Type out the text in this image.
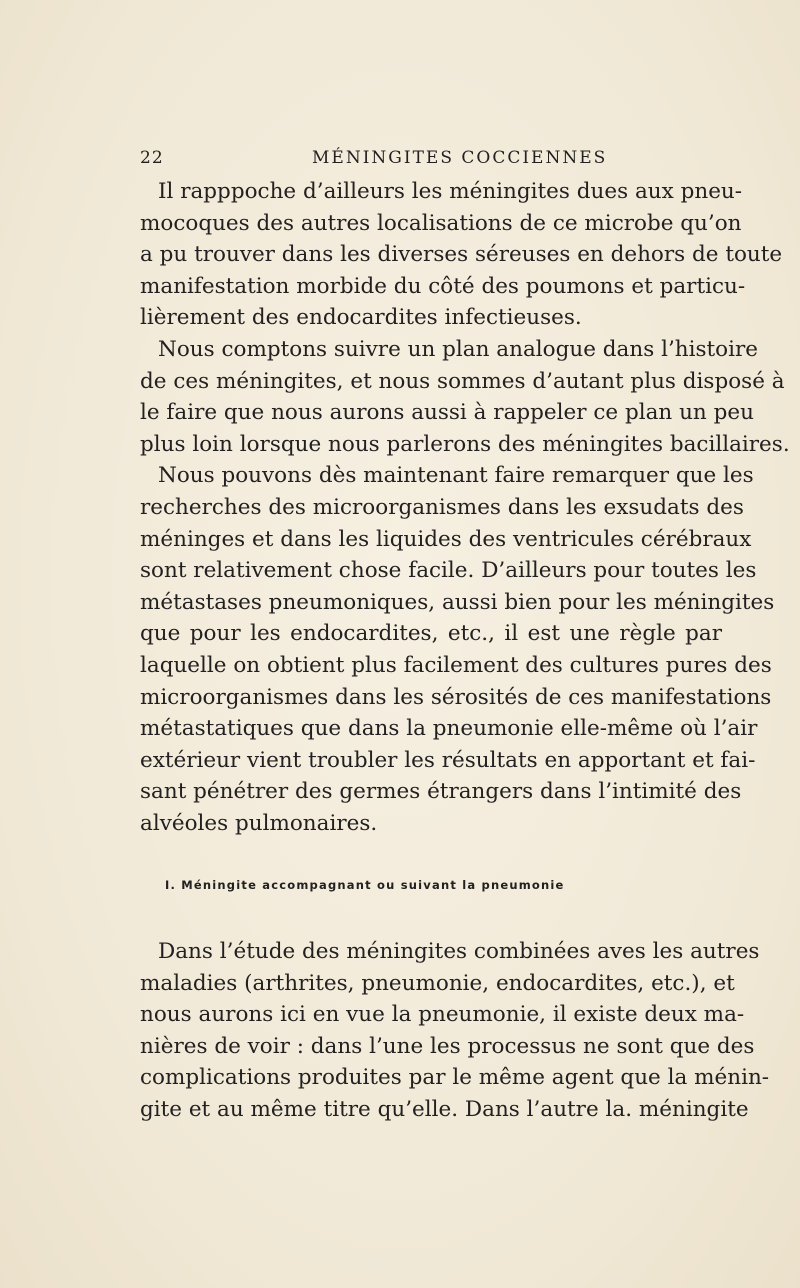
22	MÉNINGITES COCCIENNES
Il rapppoche d’ailleurs les méningites dues aux pneu-
mocoques des autres localisations de ce microbe qu’on
a pu trouver dans les diverses séreuses en dehors de toute
manifestation morbide du côté des poumons et particu-
lièrement des endocardites infectieuses.
Nous comptons suivre un plan analogue dans l’histoire
de ces méningites, et nous sommes d’autant plus disposé à
le faire que nous aurons aussi à rappeler ce plan un peu
plus loin lorsque nous parlerons des méningites bacillaires.
Nous pouvons dès maintenant faire remarquer que les
recherches des microorganismes dans les exsudats des
méninges et dans les liquides des ventricules cérébraux
sont relativement chose facile. D’ailleurs pour toutes les
métastases pneumoniques, aussi bien pour les méningites
que pour les endocardites, etc., il est une règle par
laquelle on obtient plus facilement des cultures pures des
microorganismes dans les sérosités de ces manifestations
métastatiques que dans la pneumonie elle-même où l’air
extérieur vient troubler les résultats en apportant et fai-
sant pénétrer des germes étrangers dans l’intimité des
alvéoles pulmonaires.
I. Méningite accompagnant ou suivant la pneumonie
Dans l’étude des méningites combinées aves les autres
maladies (arthrites, pneumonie, endocardites, etc.), et
nous aurons ici en vue la pneumonie, il existe deux ma-
nières de voir : dans l’une les processus ne sont que des
complications produites par le même agent que la ménin-
gite et au même titre qu’elle. Dans l’autre la. méningite
